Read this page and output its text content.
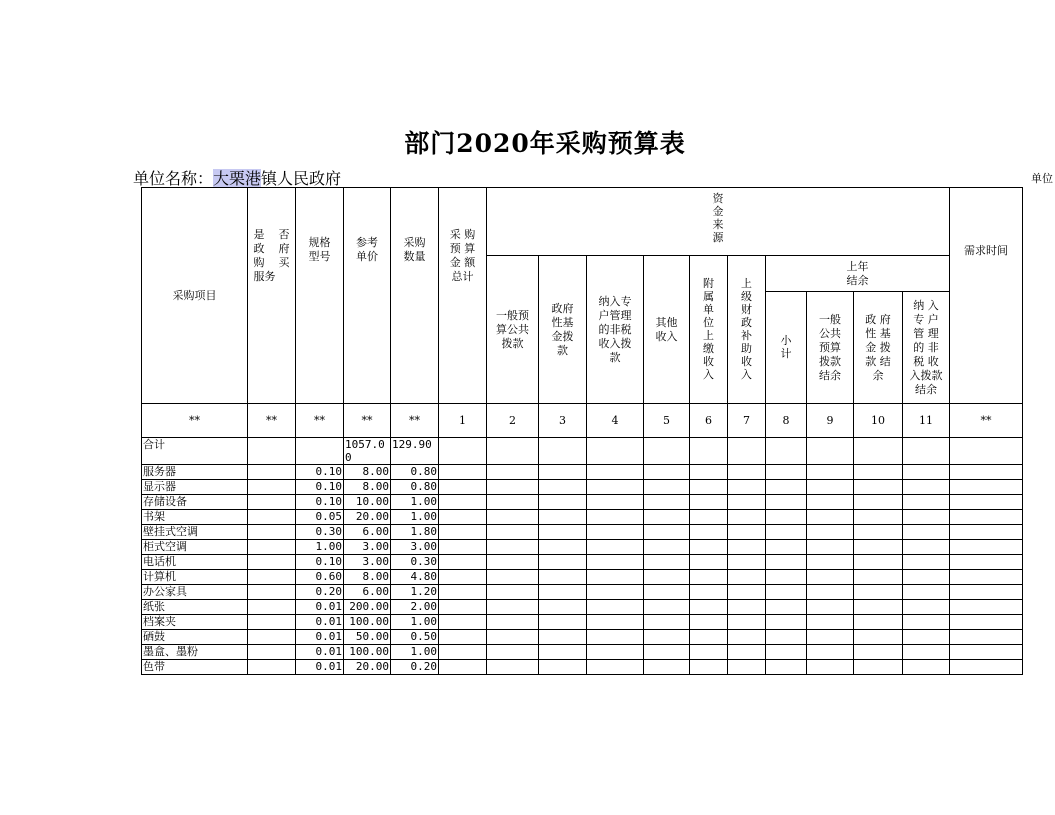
部门2020年采购预算表
单位名称：大栗港镇人民政府	单位
采购项目	是 否 政 府 购 买 服务	规格型号	参考单价	采购数量	采 购 预 算 金 额 总计	资金来源										需求时间
						一般预算公共拨款	政府性基金拨款	纳入专户管理的非税收入拨款	其他收入	附属单位上缴收入	上级财政补助收入	上年结余				
												小计	一般公共预算拨款结余	政 府 性 基 金 拨 款 结 余	纳 入 专 户 管 理 的 非 税 收 入拨款结余	
**	**	**	**	**	1	2	3	4	5	6	7	8	9	10	11	**
合计			1057.00	129.90												
服务器		0.10	8.00	0.80												
显示器		0.10	8.00	0.80												
存储设备		0.10	10.00	1.00												
书架		0.05	20.00	1.00												
壁挂式空调		0.30	6.00	1.80												
柜式空调		1.00	3.00	3.00												
电话机		0.10	3.00	0.30												
计算机		0.60	8.00	4.80												
办公家具		0.20	6.00	1.20												
纸张		0.01	200.00	2.00												
档案夹		0.01	100.00	1.00												
硒鼓		0.01	50.00	0.50												
墨盒、墨粉		0.01	100.00	1.00												
色带		0.01	20.00	0.20												
